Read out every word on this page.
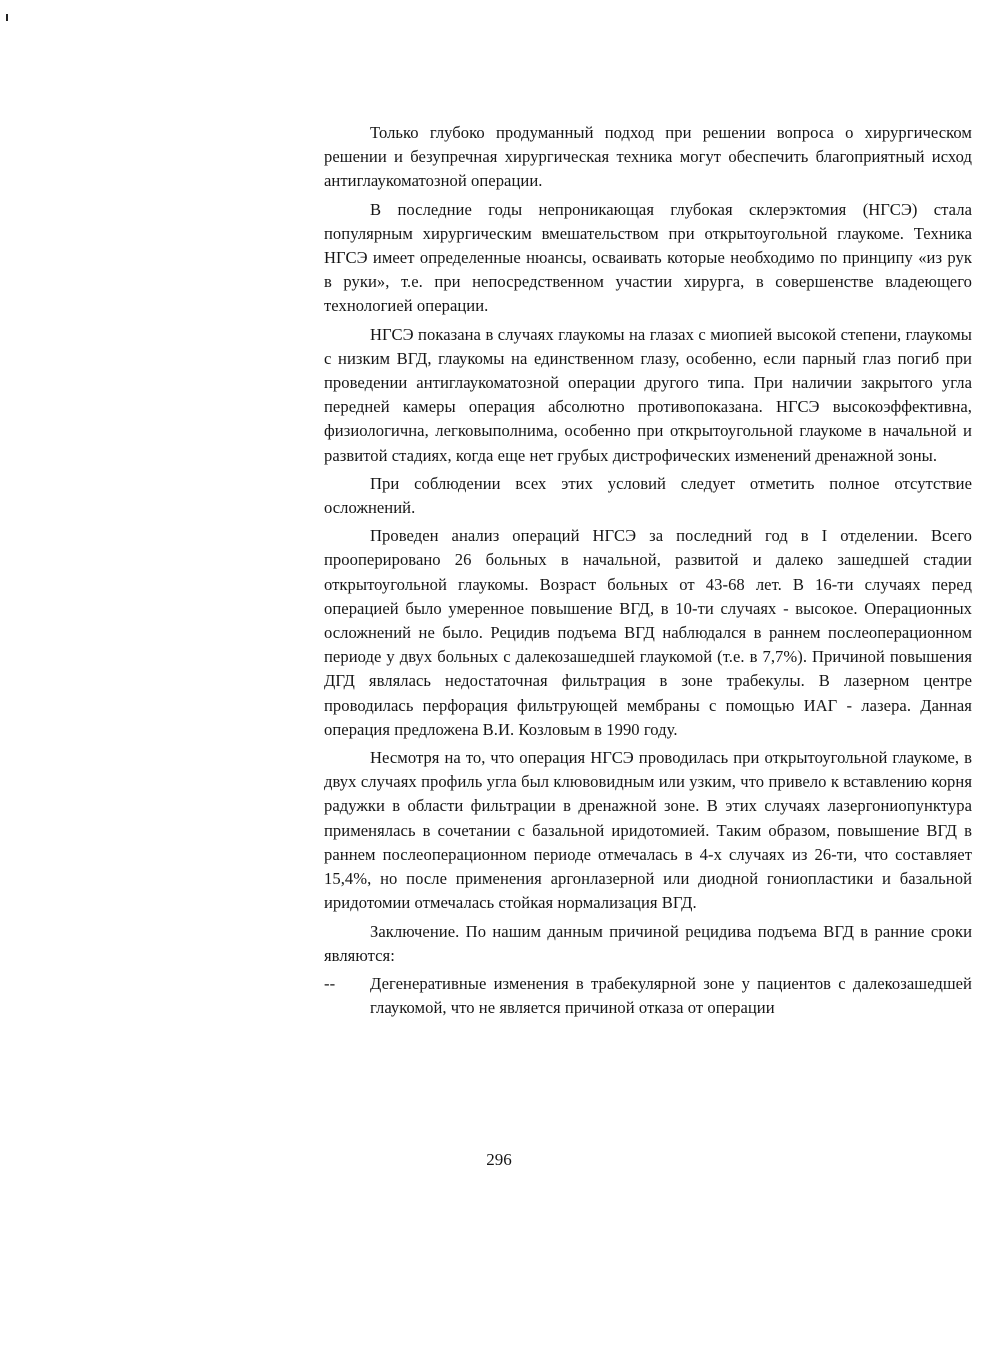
Только глубоко продуманный подход при решении вопроса о хирургическом решении и безупречная хирургическая техника могут обеспечить благоприятный исход антиглаукоматозной операции.

В последние годы непроникающая глубокая склерэктомия (НГСЭ) стала популярным хирургическим вмешательством при открытоугольной глаукоме. Техника НГСЭ имеет определенные нюансы, осваивать которые необходимо по принципу «из рук в руки», т.е. при непосредственном участии хирурга, в совершенстве владеющего технологией операции.

НГСЭ показана в случаях глаукомы на глазах с миопией высокой степени, глаукомы с низким ВГД, глаукомы на единственном глазу, особенно, если парный глаз погиб при проведении антиглаукоматозной операции другого типа. При наличии закрытого угла передней камеры операция абсолютно противопоказана. НГСЭ высокоэффективна, физиологична, легковыполнима, особенно при открытоугольной глаукоме в начальной и развитой стадиях, когда еще нет грубых дистрофических изменений дренажной зоны.

При соблюдении всех этих условий следует отметить полное отсутствие осложнений.

Проведен анализ операций НГСЭ за последний год в I отделении. Всего прооперировано 26 больных в начальной, развитой и далеко зашедшей стадии открытоугольной глаукомы. Возраст больных от 43-68 лет. В 16-ти случаях перед операцией было умеренное повышение ВГД, в 10-ти случаях - высокое. Операционных осложнений не было. Рецидив подъема ВГД наблюдался в раннем послеоперационном периоде у двух больных с далекозашедшей глаукомой (т.е. в 7,7%). Причиной повышения ДГД являлась недостаточная фильтрация в зоне трабекулы. В лазерном центре проводилась перфорация фильтрующей мембраны с помощью ИАГ - лазера. Данная операция предложена В.И. Козловым в 1990 году.

Несмотря на то, что операция НГСЭ проводилась при открытоугольной глаукоме, в двух случаях профиль угла был клювовидным или узким, что привело к вставлению корня радужки в области фильтрации в дренажной зоне. В этих случаях лазергониопунктура применялась в сочетании с базальной иридотомией. Таким образом, повышение ВГД в раннем послеоперационном периоде отмечалась в 4-х случаях из 26-ти, что составляет 15,4%, но после применения аргонлазерной или диодной гониопластики и базальной иридотомии отмечалась стойкая нормализация ВГД.

Заключение. По нашим данным причиной рецидива подъема ВГД в ранние сроки являются:

-- Дегенеративные изменения в трабекулярной зоне у пациентов с далекозашедшей глаукомой, что не является причиной отказа от операции
296
